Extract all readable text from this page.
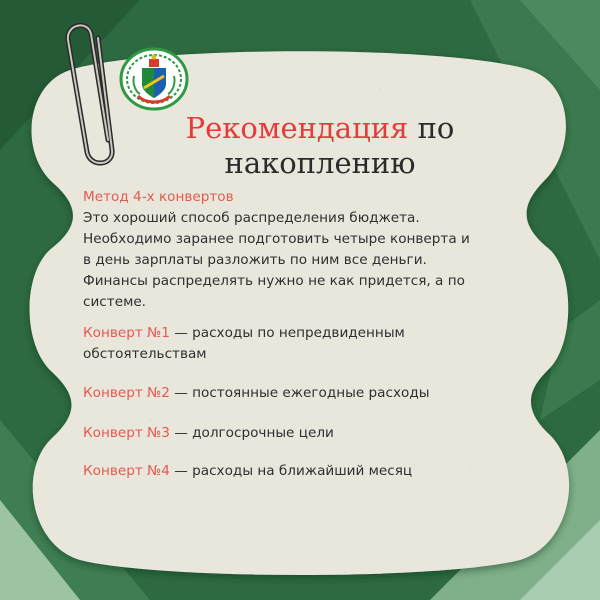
Рекомендация по
накоплению

Метод 4-х конвертов

Это хороший способ распределения бюджета.

Необходимо заранее подготовить четыре конверта и

в день зарплаты разложить по ним все деньги.

Финансы распределять нужно не как придется, а по

системе.

Конверт №1 — расходы по непредвиденным
обстоятельствам

Конверт №2 — постоянные ежегодные расходы

Конверт №3 — долгосрочные цели

Конверт №4 — расходы на ближайший месяц
